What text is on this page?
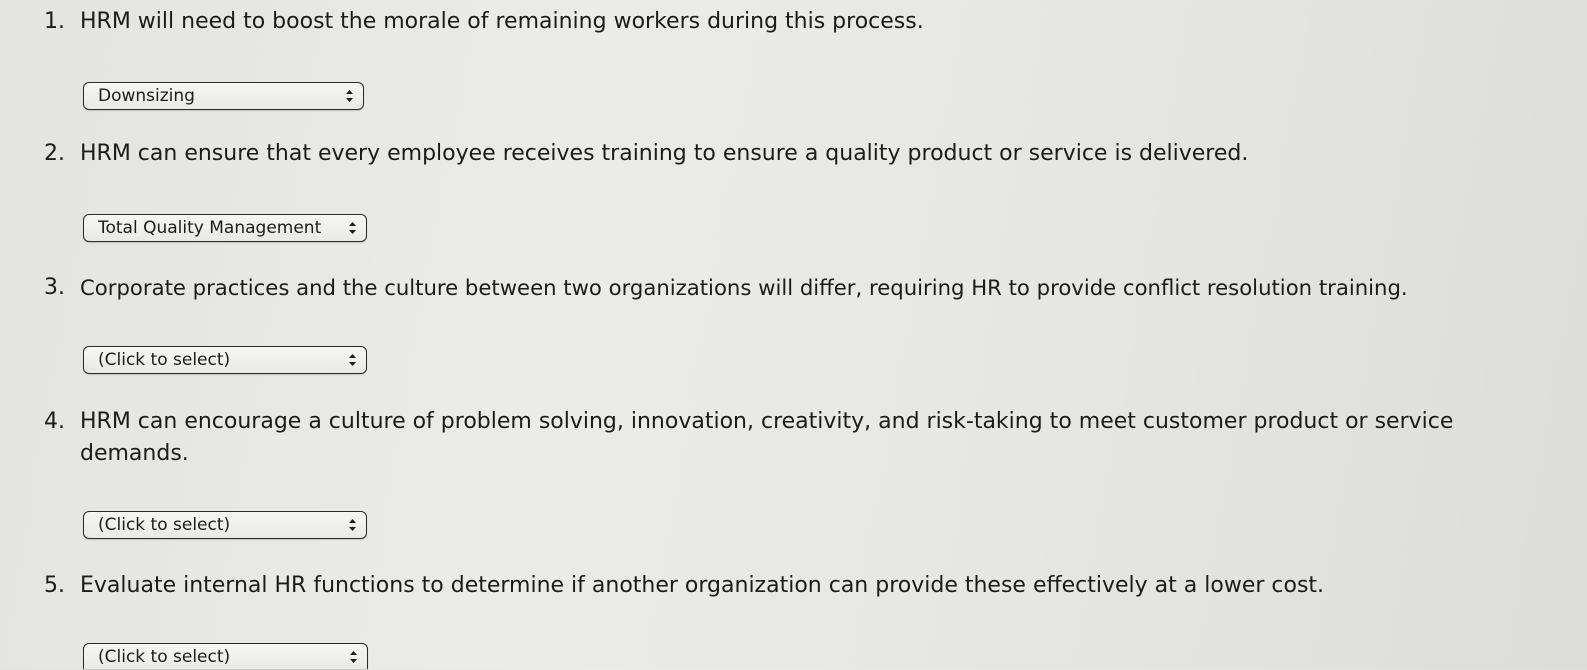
1. HRM will need to boost the morale of remaining workers during this process.
Downsizing
2. HRM can ensure that every employee receives training to ensure a quality product or service is delivered.
Total Quality Management
3. Corporate practices and the culture between two organizations will differ, requiring HR to provide conflict resolution training.
(Click to select)
4. HRM can encourage a culture of problem solving, innovation, creativity, and risk-taking to meet customer product or service demands.
(Click to select)
5. Evaluate internal HR functions to determine if another organization can provide these effectively at a lower cost.
(Click to select)
